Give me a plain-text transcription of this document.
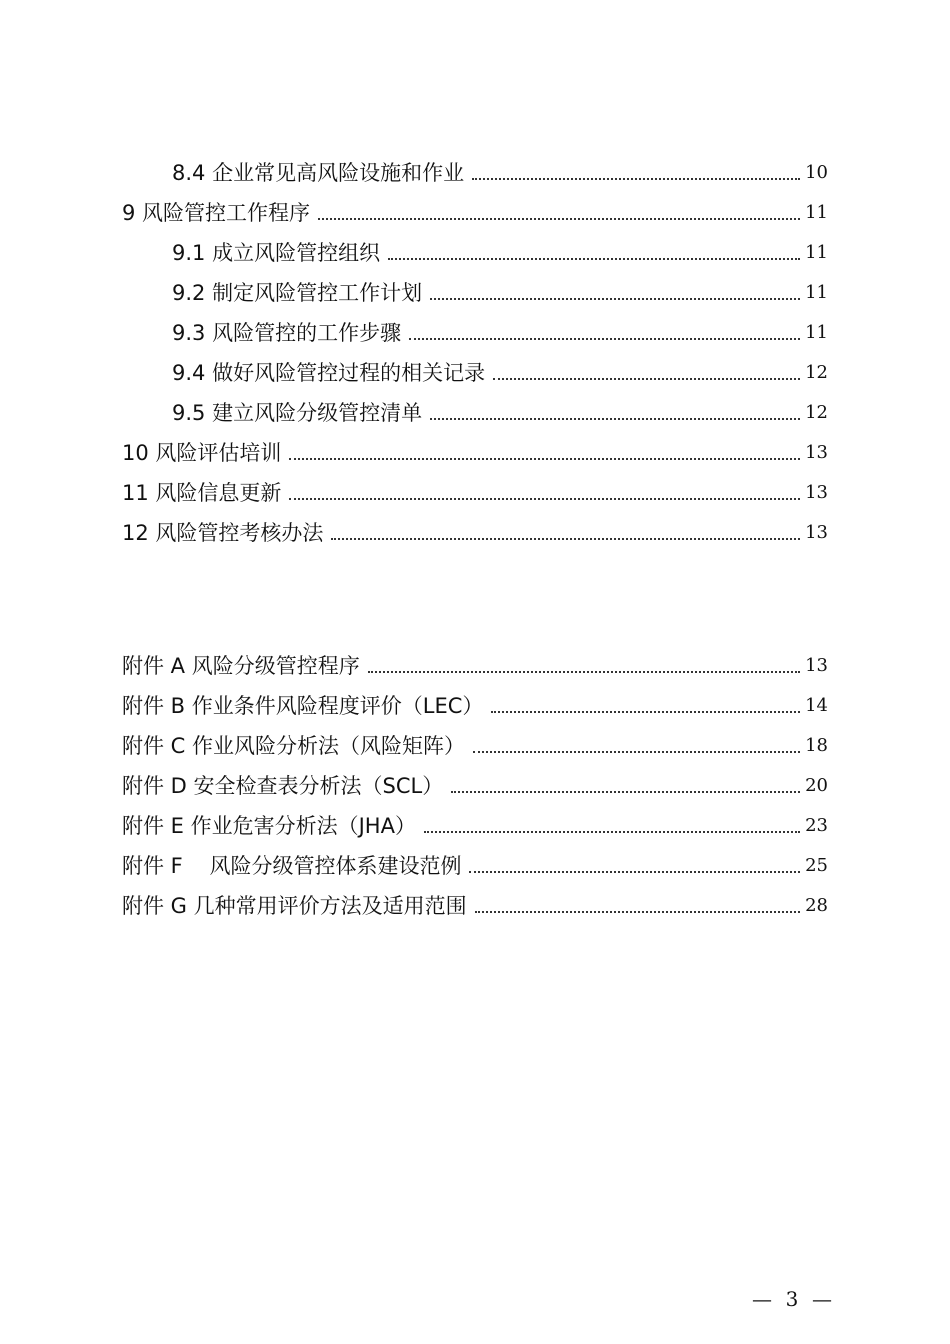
8.4 企业常见高风险设施和作业	10
9 风险管控工作程序	11
9.1 成立风险管控组织	11
9.2 制定风险管控工作计划	11
9.3 风险管控的工作步骤	11
9.4 做好风险管控过程的相关记录	12
9.5 建立风险分级管控清单	12
10 风险评估培训	13
11 风险信息更新	13
12 风险管控考核办法	13
附件 A 风险分级管控程序	13
附件 B 作业条件风险程度评价（LEC）	14
附件 C 作业风险分析法（风险矩阵）	18
附件 D 安全检查表分析法（SCL）	20
附件 E 作业危害分析法（JHA）	23
附件 F    风险分级管控体系建设范例	25
附件 G 几种常用评价方法及适用范围	28
— 3 —
